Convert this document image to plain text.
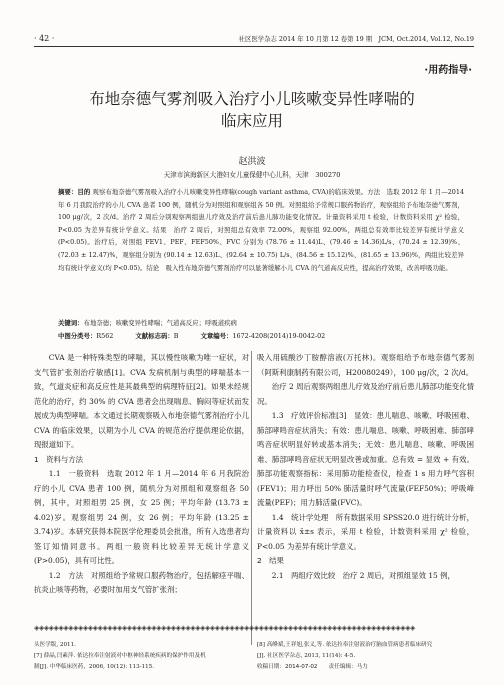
· 42 ·	社区医学杂志 2014 年 10 月第 12 卷第 19 期　JCM, Oct.2014, Vol.12, No.19
·用药指导·
布地奈德气雾剂吸入治疗小儿咳嗽变异性哮喘的
临床应用
赵洪波
天津市滨海新区大港妇女儿童保健中心儿科，天津　300270
摘要：目的 观察布地奈德气雾剂吸入治疗小儿咳嗽变异性哮喘(cough variant asthma, CVA)的临床效果。方法　选取 2012 年 1 月—2014 年 6 月我院治疗的小儿 CVA 患者 100 例，随机分为对照组和观察组各 50 例。对照组给予常规口服药物治疗，观察组给予布地奈德气雾剂，100 μg/次，2 次/d。治疗 2 周后分别观察两组患儿疗效及治疗前后患儿肺功能变化情况。计量资料采用 t 检验，计数资料采用 χ² 检验，P<0.05 为差异有统计学意义。结果　治疗 2 周后，对照组总有效率 72.00%，观察组 92.00%，两组总有效率比较差异有统计学意义(P<0.05)。治疗后，对照组 FEV1、PEF、FEF50%、FVC 分别为 (78.76 ± 11.44)L、(79.46 ± 14.36)L/s、(70.24 ± 12.39)%、(72.03 ± 12.47)%，观察组分别为 (90.14 ± 12.63)L、(92.64 ± 10.75) L/s、(84.56 ± 15.12)%、(81.65 ± 13.96)%，两组比较差异均有统计学意义(均 P<0.05)。结论　吸入性布地奈德气雾剂治疗可以显著缓解小儿 CVA 的气道高反应性，提高治疗效果，改善呼吸功能。
关键词：布地奈德；咳嗽变异性哮喘；气道高反应；呼吸道疾病
中图分类号：R562	文献标志码：B	文章编号：1672-4208(2014)19-0042-02

CVA 是一种特殊类型的哮喘，其以慢性咳嗽为唯一症状，对支气管扩张剂治疗敏感[1]。CVA 发病机制与典型的哮喘基本一致，气道炎症和高反应性是其最典型的病理特征[2]。如果未经规范化的治疗，约 30% 的 CVA 患者会出现喘息、胸闷等症状而发展成为典型哮喘。本文通过长期观察吸入布地奈德气雾剂治疗小儿 CVA 的临床效果，以期为小儿 CVA 的规范治疗提供理论依据，现报道如下。

1　资料与方法

1.1　一般资料　选取 2012 年 1 月—2014 年 6 月我院治疗的小儿 CVA 患者 100 例，随机分为对照组和观察组各 50 例，其中，对照组男 25 例，女 25 例；平均年龄 (13.73 ± 4.02)岁。观察组男 24 例，女 26 例；平均年龄 (13.25 ± 3.74)岁。本研究获得本院医学伦理委员会批准，所有入选患者均签订知情同意书。两组一般资料比较差异无统计学意义(P>0.05)，具有可比性。

1.2　方法　对照组给予常规口服药物治疗，包括解痉平喘、抗炎止咳等药物，必要时加用支气管扩张剂；

吸入用硫酸沙丁胺醇溶液(万托林)。观察组给予布地奈德气雾剂（阿斯利康制药有限公司，H20080249），100 μg/次，2 次/d。

治疗 2 周后观察两组患儿疗效及治疗前后患儿肺部功能变化情况。

1.3　疗效评价标准[3]　显效：患儿喘息、咳嗽、呼吸困难、肺部哮鸣音症状消失；有效：患儿喘息、咳嗽、呼吸困难、肺部哮鸣音症状明显好转或基本消失；无效：患儿喘息、咳嗽、呼吸困难、肺部哮鸣音症状无明显改善或加重。总有效 = 显效 + 有效。肺部功能观察指标：采用肺功能检查仪，检查 1 s 用力呼气容积(FEV1)；用力呼出 50% 肺活量时呼气流量(FEF50%)；呼吸峰流量(PEF)；用力肺活量(FVC)。

1.4　统计学处理　所有数据采用 SPSS20.0 进行统计分析，计量资料以 x̄±s 表示，采用 t 检验，计数资料采用 χ² 检验，P<0.05 为差异有统计学意义。

2　结果

2.1　两组疗效比较　治疗 2 周后，对照组显效 15 例，

◈◈◈◈◈◈◈◈◈◈◈◈◈◈◈◈◈◈◈◈◈◈◈◈◈◈◈◈◈◈◈◈◈◈◈◈◈◈◈◈◈◈◈◈◈◈◈◈◈◈◈◈◈◈◈◈◈◈◈◈◈◈◈◈◈◈◈◈◈◈◈◈◈◈◈◈◈◈
头医学版, 2011.
[7] 薛晶,闫素萍. 依达拉奉注射液对中枢神经系统疾病的保护作用及机
制[J]. 中华临床医药，2006, 10(12): 113-115.
[8] 高峰斌,王祥旭,张义,等. 依达拉奉注射液治疗脑血管病患者临床研究
[J]. 社区医学杂志, 2013, 11(14): 4-5.
收稿日期：2014-07-02　　责任编辑：马力
